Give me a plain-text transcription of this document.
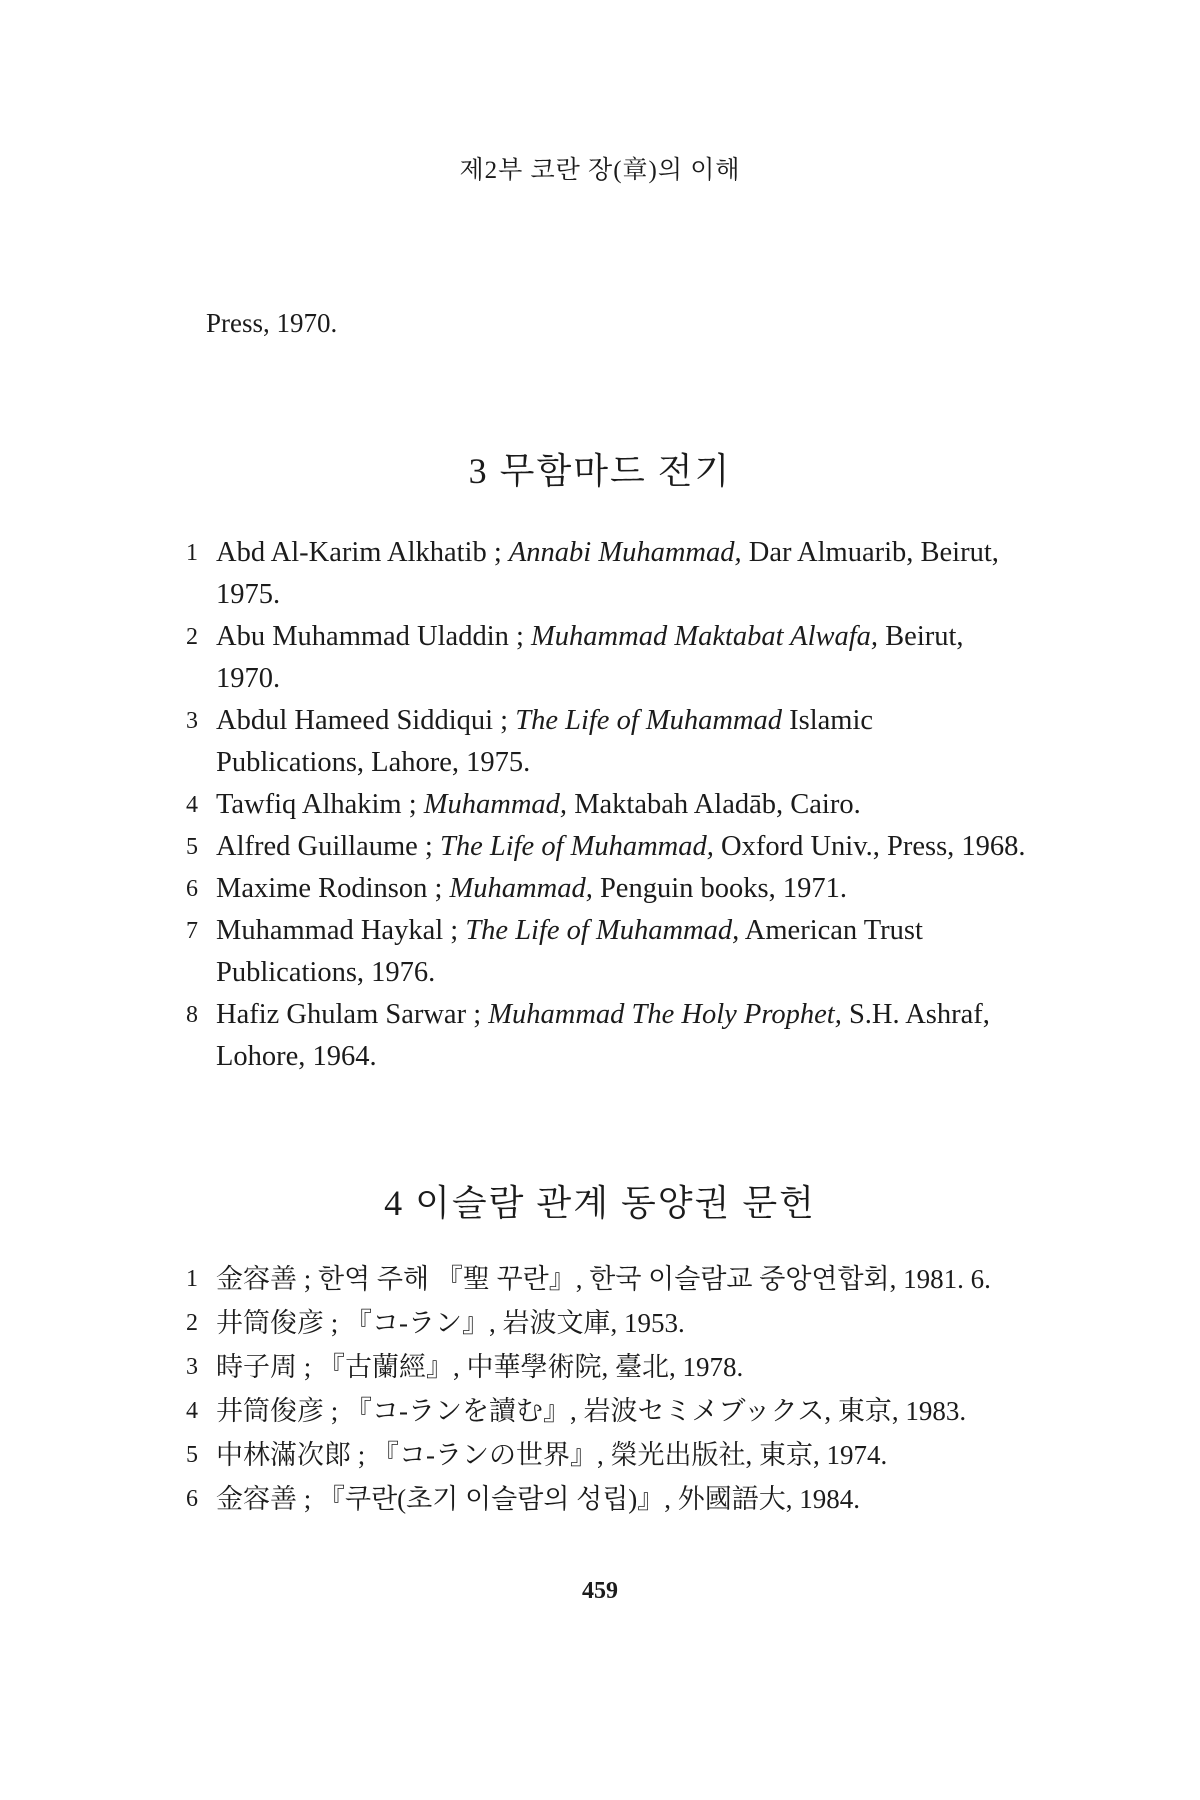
제2부 코란 장(章)의 이해
Press, 1970.
3 무함마드 전기
1 Abd Al-Karim Alkhatib ; Annabi Muhammad, Dar Almuarib, Beirut, 1975.
2 Abu Muhammad Uladdin ; Muhammad Maktabat Alwafa, Beirut, 1970.
3 Abdul Hameed Siddiqui ; The Life of Muhammad Islamic Publications, Lahore, 1975.
4 Tawfiq Alhakim ; Muhammad, Maktabah Aladāb, Cairo.
5 Alfred Guillaume ; The Life of Muhammad, Oxford Univ., Press, 1968.
6 Maxime Rodinson ; Muhammad, Penguin books, 1971.
7 Muhammad Haykal ; The Life of Muhammad, American Trust Publications, 1976.
8 Hafiz Ghulam Sarwar ; Muhammad The Holy Prophet, S.H. Ashraf, Lohore, 1964.
4 이슬람 관계 동양권 문헌
1 金容善 ; 한역 주해 『聖 꾸란』, 한국 이슬람교 중앙연합회, 1981. 6.
2 井筒俊彦 ; 『コ-ラン』, 岩波文庫, 1953.
3 時子周 ; 『古蘭經』, 中華學術院, 臺北, 1978.
4 井筒俊彦 ; 『コ-ランを讀む』, 岩波セミメブックス, 東京, 1983.
5 中林滿次郞 ; 『コ-ランの世界』, 榮光出版社, 東京, 1974.
6 金容善 ; 『쿠란(초기 이슬람의 성립)』, 外國語大, 1984.
459
